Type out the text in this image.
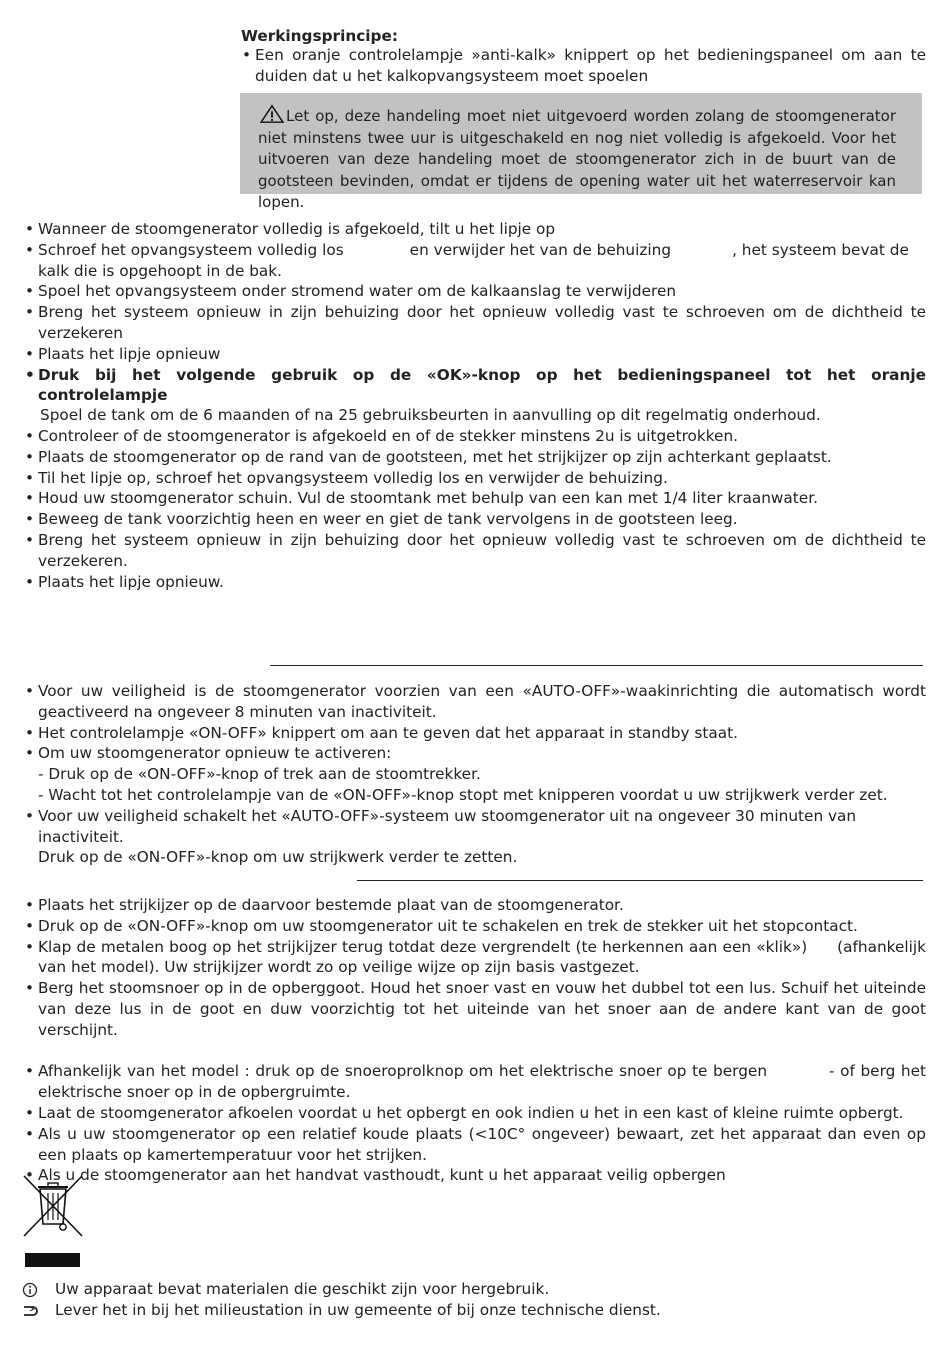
Werkingsprincipe:
• Een oranje controlelampje »anti-kalk» knippert op het bedieningspaneel om aan te
duiden dat u het kalkopvangsysteem moet spoelen
Let op, deze handeling moet niet uitgevoerd worden zolang de stoomgenerator niet minstens twee uur is uitgeschakeld en nog niet volledig is afgekoeld. Voor het uitvoeren van deze handeling moet de stoomgenerator zich in de buurt van de gootsteen bevinden, omdat er tijdens de opening water uit het waterreservoir kan lopen.
• Wanneer de stoomgenerator volledig is afgekoeld, tilt u het lipje op
• Schroef het opvangsysteem volledig los	en verwijder het van de behuizing	, het systeem bevat de kalk die is opgehoopt in de bak.
• Spoel het opvangsysteem onder stromend water om de kalkaanslag te verwijderen
• Breng het systeem opnieuw in zijn behuizing door het opnieuw volledig vast te schroeven om de dichtheid te verzekeren
• Plaats het lipje opnieuw
• Druk bij het volgende gebruik op de «OK»-knop op het bedieningspaneel tot het oranje controlelampje
Spoel de tank om de 6 maanden of na 25 gebruiksbeurten in aanvulling op dit regelmatig onderhoud.
• Controleer of de stoomgenerator is afgekoeld en of de stekker minstens 2u is uitgetrokken.
• Plaats de stoomgenerator op de rand van de gootsteen, met het strijkijzer op zijn achterkant geplaatst.
• Til het lipje op, schroef het opvangsysteem volledig los en verwijder de behuizing.
• Houd uw stoomgenerator schuin. Vul de stoomtank met behulp van een kan met 1/4 liter kraanwater.
• Beweeg de tank voorzichtig heen en weer en giet de tank vervolgens in de gootsteen leeg.
• Breng het systeem opnieuw in zijn behuizing door het opnieuw volledig vast te schroeven om de dichtheid te verzekeren.
• Plaats het lipje opnieuw.
• Voor uw veiligheid is de stoomgenerator voorzien van een «AUTO-OFF»-waakinrichting die automatisch wordt geactiveerd na ongeveer 8 minuten van inactiviteit.
• Het controlelampje «ON-OFF» knippert om aan te geven dat het apparaat in standby staat.
• Om uw stoomgenerator opnieuw te activeren:
- Druk op de «ON-OFF»-knop of trek aan de stoomtrekker.
- Wacht tot het controlelampje van de «ON-OFF»-knop stopt met knipperen voordat u uw strijkwerk verder zet.
• Voor uw veiligheid schakelt het «AUTO-OFF»-systeem uw stoomgenerator uit na ongeveer 30 minuten van inactiviteit.
Druk op de «ON-OFF»-knop om uw strijkwerk verder te zetten.
• Plaats het strijkijzer op de daarvoor bestemde plaat van de stoomgenerator.
• Druk op de «ON-OFF»-knop om uw stoomgenerator uit te schakelen en trek de stekker uit het stopcontact.
• Klap de metalen boog op het strijkijzer terug totdat deze vergrendelt (te herkennen aan een «klik») (afhankelijk van het model). Uw strijkijzer wordt zo op veilige wijze op zijn basis vastgezet.
• Berg het stoomsnoer op in de opberggoot. Houd het snoer vast en vouw het dubbel tot een lus. Schuif het uiteinde van deze lus in de goot en duw voorzichtig tot het uiteinde van het snoer aan de andere kant van de goot verschijnt.
• Afhankelijk van het model : druk op de snoeroprolknop om het elektrische snoer op te bergen	- of berg het elektrische snoer op in de opbergruimte.
• Laat de stoomgenerator afkoelen voordat u het opbergt en ook indien u het in een kast of kleine ruimte opbergt.
• Als u uw stoomgenerator op een relatief koude plaats (<10C° ongeveer) bewaart, zet het apparaat dan even op een plaats op kamertemperatuur voor het strijken.
• Als u de stoomgenerator aan het handvat vasthoudt, kunt u het apparaat veilig opbergen
Uw apparaat bevat materialen die geschikt zijn voor hergebruik.
Lever het in bij het milieustation in uw gemeente of bij onze technische dienst.
